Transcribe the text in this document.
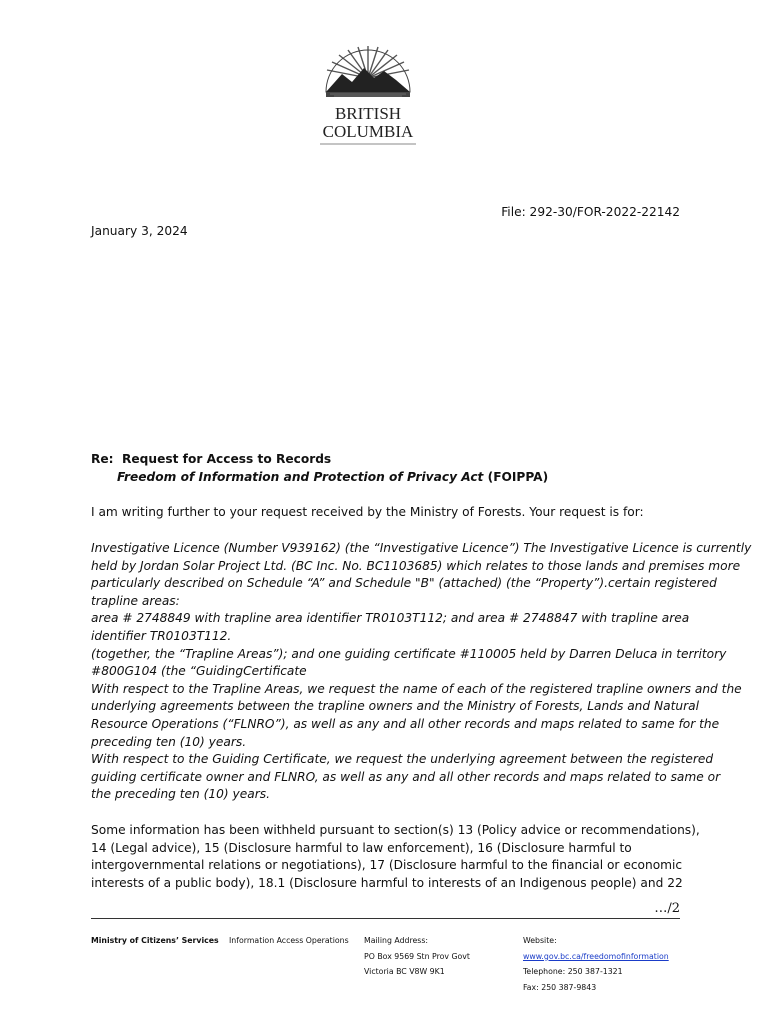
BRITISH
COLUMBIA
File: 292-30/FOR-2022-22142
January 3, 2024
Re: Request for Access to Records
Freedom of Information and Protection of Privacy Act (FOIPPA)
I am writing further to your request received by the Ministry of Forests. Your request is for:
Investigative Licence (Number V939162) (the “Investigative Licence”) The Investigative Licence is currently
held by Jordan Solar Project Ltd. (BC Inc. No. BC1103685) which relates to those lands and premises more
particularly described on Schedule “A” and Schedule "B" (attached) (the “Property”).certain registered
trapline areas:
area # 2748849 with trapline area identifier TR0103T112; and area # 2748847 with trapline area
identifier TR0103T112.
(together, the “Trapline Areas”); and one guiding certificate #110005 held by Darren Deluca in territory
#800G104 (the “GuidingCertificate
With respect to the Trapline Areas, we request the name of each of the registered trapline owners and the
underlying agreements between the trapline owners and the Ministry of Forests, Lands and Natural
Resource Operations (“FLNRO”), as well as any and all other records and maps related to same for the
preceding ten (10) years.
With respect to the Guiding Certificate, we request the underlying agreement between the registered
guiding certificate owner and FLNRO, as well as any and all other records and maps related to same or
the preceding ten (10) years.
Some information has been withheld pursuant to section(s) 13 (Policy advice or recommendations),
14 (Legal advice), 15 (Disclosure harmful to law enforcement), 16 (Disclosure harmful to
intergovernmental relations or negotiations), 17 (Disclosure harmful to the financial or economic
interests of a public body), 18.1 (Disclosure harmful to interests of an Indigenous people) and 22
…/2
Ministry of Citizens’ Services Information Access Operations Mailing Address:
PO Box 9569 Stn Prov Govt
Victoria BC V8W 9K1
Website:
www.gov.bc.ca/freedomofinformation
Telephone: 250 387-1321
Fax: 250 387-9843
